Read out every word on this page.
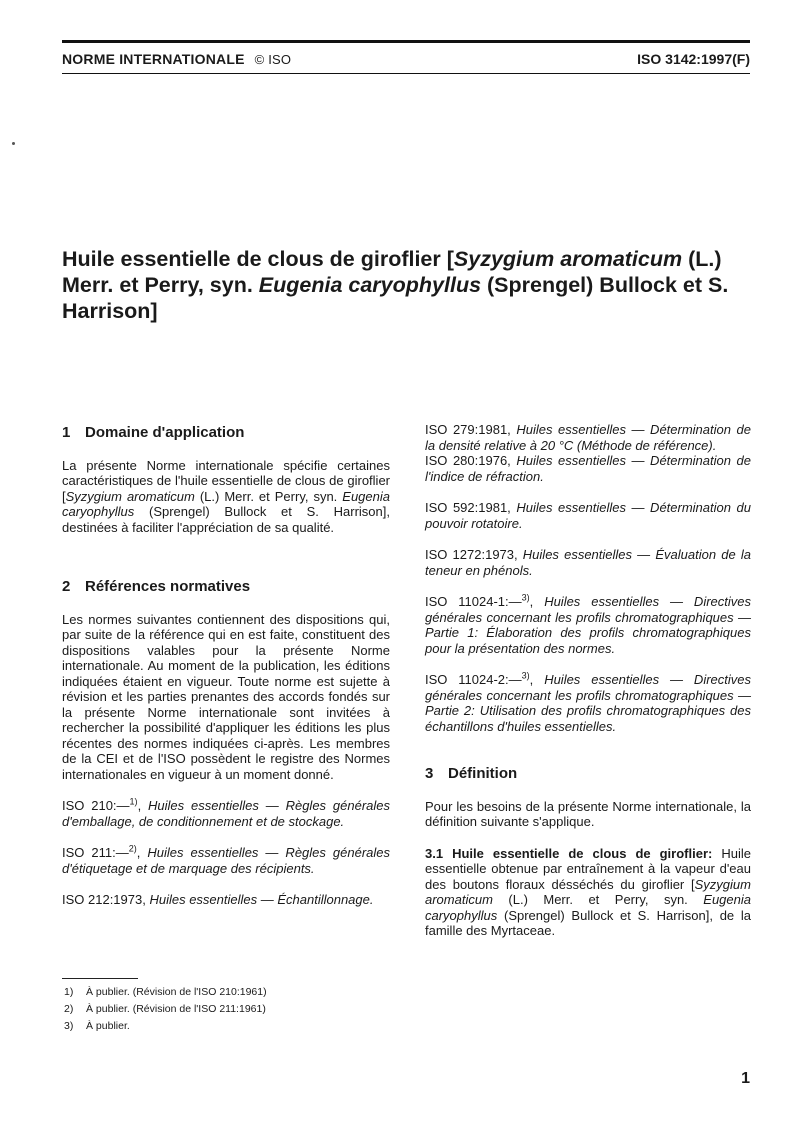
NORME INTERNATIONALE © ISO	ISO 3142:1997(F)
Huile essentielle de clous de giroflier [Syzygium aromaticum (L.) Merr. et Perry, syn. Eugenia caryophyllus (Sprengel) Bullock et S. Harrison]
1 Domaine d'application

La présente Norme internationale spécifie certaines caractéristiques de l'huile essentielle de clous de giroflier [Syzygium aromaticum (L.) Merr. et Perry, syn. Eugenia caryophyllus (Sprengel) Bullock et S. Harrison], destinées à faciliter l'appréciation de sa qualité.

2 Références normatives

Les normes suivantes contiennent des dispositions qui, par suite de la référence qui en est faite, constituent des dispositions valables pour la présente Norme internationale. Au moment de la publication, les éditions indiquées étaient en vigueur. Toute norme est sujette à révision et les parties prenantes des accords fondés sur la présente Norme internationale sont invitées à rechercher la possibilité d'appliquer les éditions les plus récentes des normes indiquées ci-après. Les membres de la CEI et de l'ISO possèdent le registre des Normes internationales en vigueur à un moment donné.

ISO 210:—$^{1)}$, Huiles essentielles — Règles générales d'emballage, de conditionnement et de stockage.

ISO 211:—$^{2)}$, Huiles essentielles — Règles générales d'étiquetage et de marquage des récipients.

ISO 212:1973, Huiles essentielles — Échantillonnage.

ISO 279:1981, Huiles essentielles — Détermination de la densité relative à 20 °C (Méthode de référence).

ISO 280:1976, Huiles essentielles — Détermination de l'indice de réfraction.

ISO 592:1981, Huiles essentielles — Détermination du pouvoir rotatoire.

ISO 1272:1973, Huiles essentielles — Évaluation de la teneur en phénols.

ISO 11024-1:—$^{3)}$, Huiles essentielles — Directives générales concernant les profils chromatographiques — Partie 1: Élaboration des profils chromatographiques pour la présentation des normes.

ISO 11024-2:—$^{3)}$, Huiles essentielles — Directives générales concernant les profils chromatographiques — Partie 2: Utilisation des profils chromatographiques des échantillons d'huiles essentielles.

3 Définition

Pour les besoins de la présente Norme internationale, la définition suivante s'applique.

3.1 Huile essentielle de clous de giroflier: Huile essentielle obtenue par entraînement à la vapeur d'eau des boutons floraux désséchés du giroflier [Syzygium aromaticum (L.) Merr. et Perry, syn. Eugenia caryophyllus (Sprengel) Bullock et S. Harrison], de la famille des Myrtaceae.

1) À publier. (Révision de l'ISO 210:1961)
2) À publier. (Révision de l'ISO 211:1961)
3) À publier.
1
